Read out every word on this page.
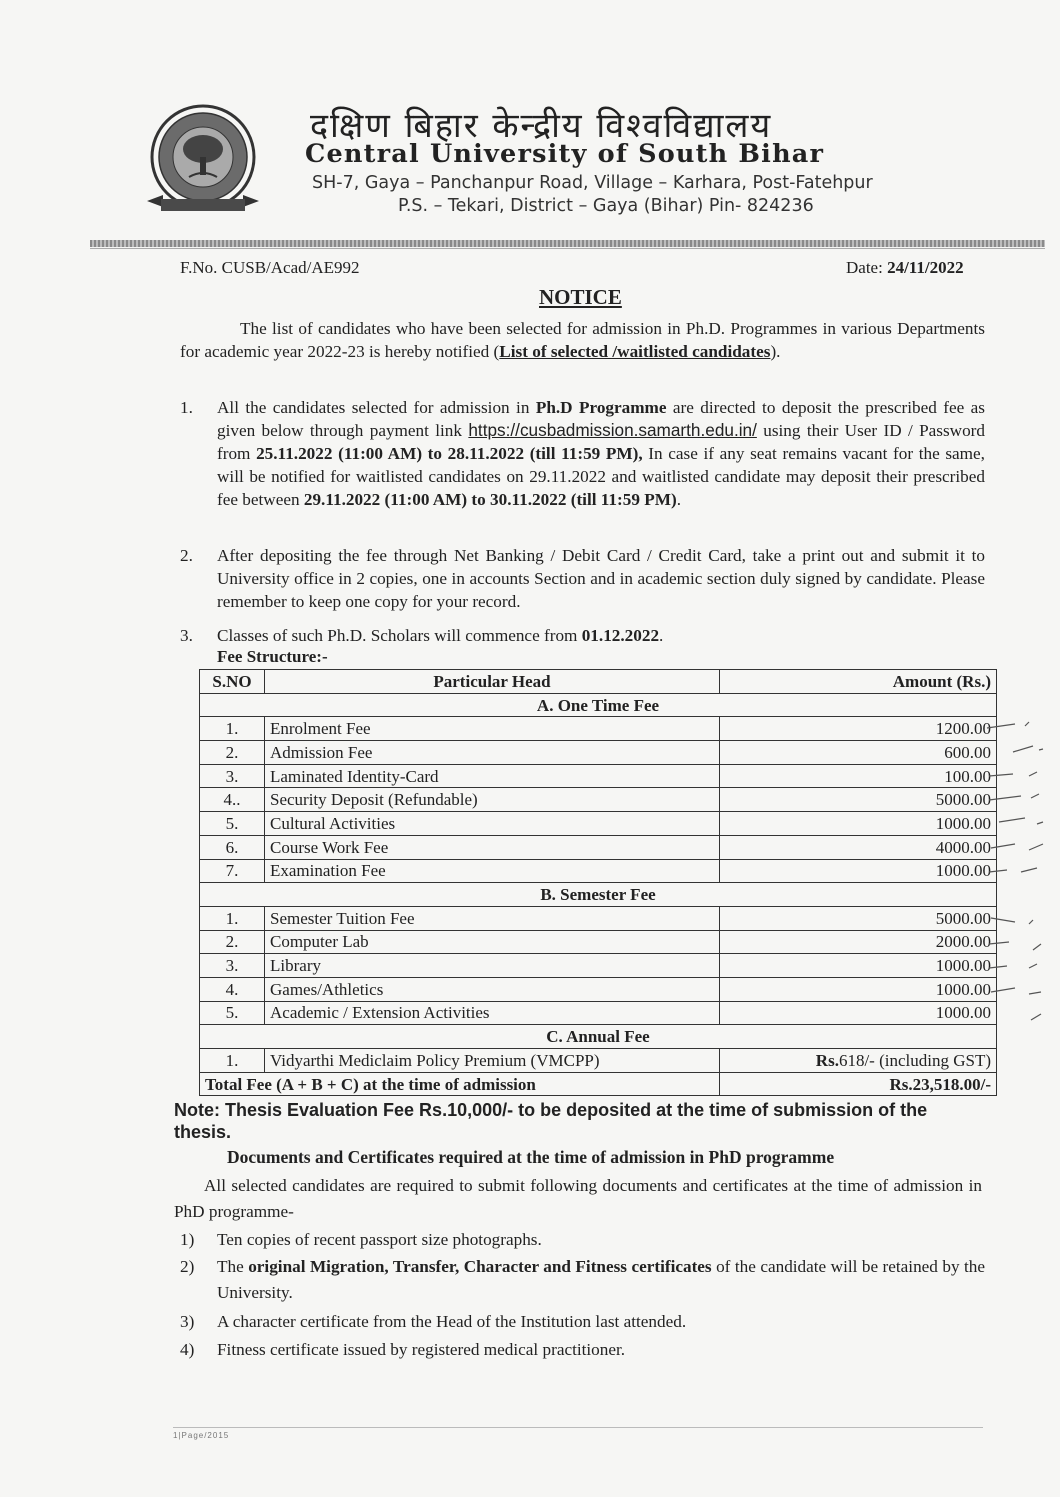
दक्षिण बिहार केन्द्रीय विश्वविद्यालय
Central University of South Bihar
SH-7, Gaya – Panchanpur Road, Village – Karhara, Post-Fatehpur
P.S. – Tekari, District – Gaya (Bihar) Pin- 824236
F.No. CUSB/Acad/AE992	Date: 24/11/2022
NOTICE
The list of candidates who have been selected for admission in Ph.D. Programmes in various Departments for academic year 2022-23 is hereby notified (List of selected /waitlisted candidates).
1. All the candidates selected for admission in Ph.D Programme are directed to deposit the prescribed fee as given below through payment link https://cusbadmission.samarth.edu.in/ using their User ID / Password from 25.11.2022 (11:00 AM) to 28.11.2022 (till 11:59 PM), In case if any seat remains vacant for the same, will be notified for waitlisted candidates on 29.11.2022 and waitlisted candidate may deposit their prescribed fee between 29.11.2022 (11:00 AM) to 30.11.2022 (till 11:59 PM).
2. After depositing the fee through Net Banking / Debit Card / Credit Card, take a print out and submit it to University office in 2 copies, one in accounts Section and in academic section duly signed by candidate. Please remember to keep one copy for your record.
3. Classes of such Ph.D. Scholars will commence from 01.12.2022.
Fee Structure:-
S.NO	Particular Head	Amount (Rs.)
A. One Time Fee		
1.	Enrolment Fee	1200.00
2.	Admission Fee	600.00
3.	Laminated Identity-Card	100.00
4..	Security Deposit (Refundable)	5000.00
5.	Cultural Activities	1000.00
6.	Course Work Fee	4000.00
7.	Examination Fee	1000.00
B. Semester Fee		
1.	Semester Tuition Fee	5000.00
2.	Computer Lab	2000.00
3.	Library	1000.00
4.	Games/Athletics	1000.00
5.	Academic / Extension Activities	1000.00
C. Annual Fee		
1.	Vidyarthi Mediclaim Policy Premium (VMCPP)	Rs.618/- (including GST)
Total Fee (A + B + C) at the time of admission		Rs.23,518.00/-
Note: Thesis Evaluation Fee Rs.10,000/- to be deposited at the time of submission of the thesis.
Documents and Certificates required at the time of admission in PhD programme
All selected candidates are required to submit following documents and certificates at the time of admission in PhD programme-
1) Ten copies of recent passport size photographs.
2) The original Migration, Transfer, Character and Fitness certificates of the candidate will be retained by the University.
3) A character certificate from the Head of the Institution last attended.
4) Fitness certificate issued by registered medical practitioner.
1|Page/2015
